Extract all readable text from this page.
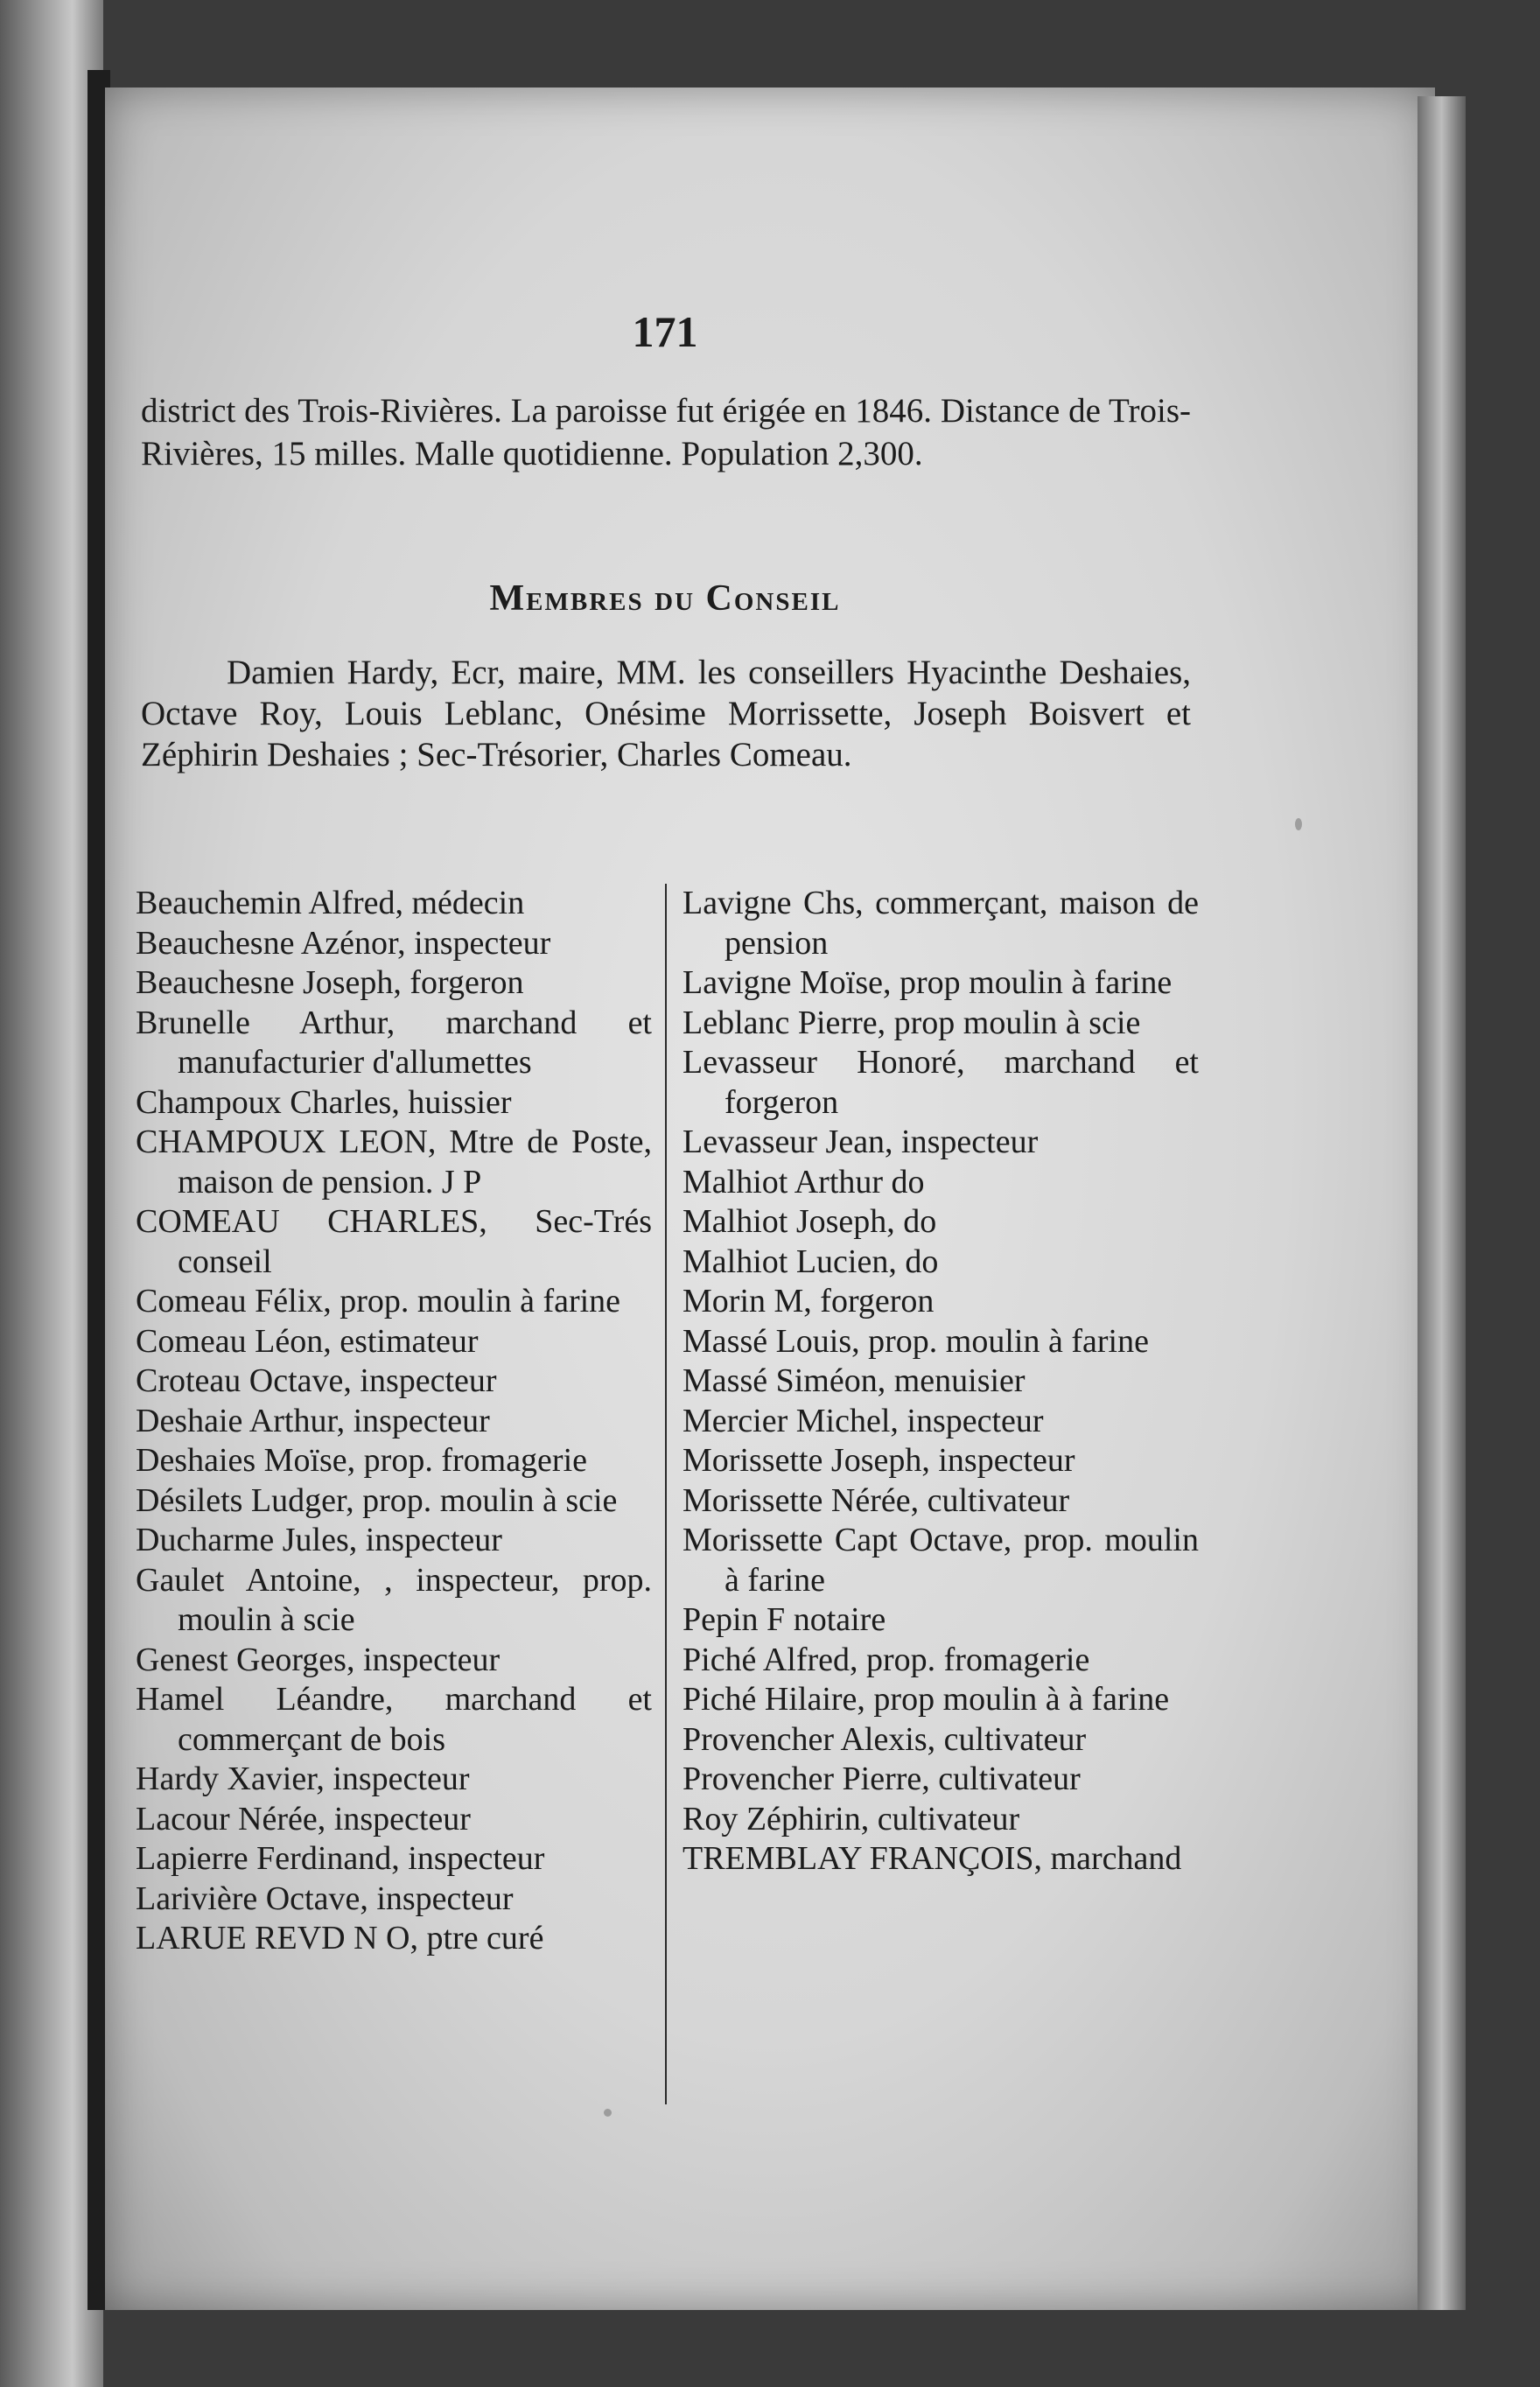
171
district des Trois-Rivières. La paroisse fut érigée en 1846. Distance de Trois-Rivières, 15 milles. Malle quotidienne. Population 2,300.
Membres du Conseil
Damien Hardy, Ecr, maire, MM. les conseillers Hyacinthe Deshaies, Octave Roy, Louis Leblanc, Onésime Morrissette, Joseph Boisvert et Zéphirin Deshaies ; Sec-Trésorier, Charles Comeau.
Beauchemin Alfred, médecin
Beauchesne Azénor, inspecteur
Beauchesne Joseph, forgeron
Brunelle Arthur, marchand et manufacturier d'allumettes
Champoux Charles, huissier
CHAMPOUX LEON, Mtre de Poste, maison de pension. J P
COMEAU CHARLES, Sec-Trés conseil
Comeau Félix, prop. moulin à farine
Comeau Léon, estimateur
Croteau Octave, inspecteur
Deshaie Arthur, inspecteur
Deshaies Moïse, prop. fromagerie
Désilets Ludger, prop. moulin à scie
Ducharme Jules, inspecteur
Gaulet Antoine, , inspecteur, prop. moulin à scie
Genest Georges, inspecteur
Hamel Léandre, marchand et commerçant de bois
Hardy Xavier, inspecteur
Lacour Nérée, inspecteur
Lapierre Ferdinand, inspecteur
Larivière Octave, inspecteur
LARUE REVD N O, ptre curé
Lavigne Chs, commerçant, maison de pension
Lavigne Moïse, prop moulin à farine
Leblanc Pierre, prop moulin à scie
Levasseur Honoré, marchand et forgeron
Levasseur Jean, inspecteur
Malhiot Arthur do
Malhiot Joseph, do
Malhiot Lucien, do
Morin M, forgeron
Massé Louis, prop. moulin à farine
Massé Siméon, menuisier
Mercier Michel, inspecteur
Morissette Joseph, inspecteur
Morissette Nérée, cultivateur
Morissette Capt Octave, prop. moulin à farine
Pepin F notaire
Piché Alfred, prop. fromagerie
Piché Hilaire, prop moulin à à farine
Provencher Alexis, cultivateur
Provencher Pierre, cultivateur
Roy Zéphirin, cultivateur
TREMBLAY FRANÇOIS, marchand
